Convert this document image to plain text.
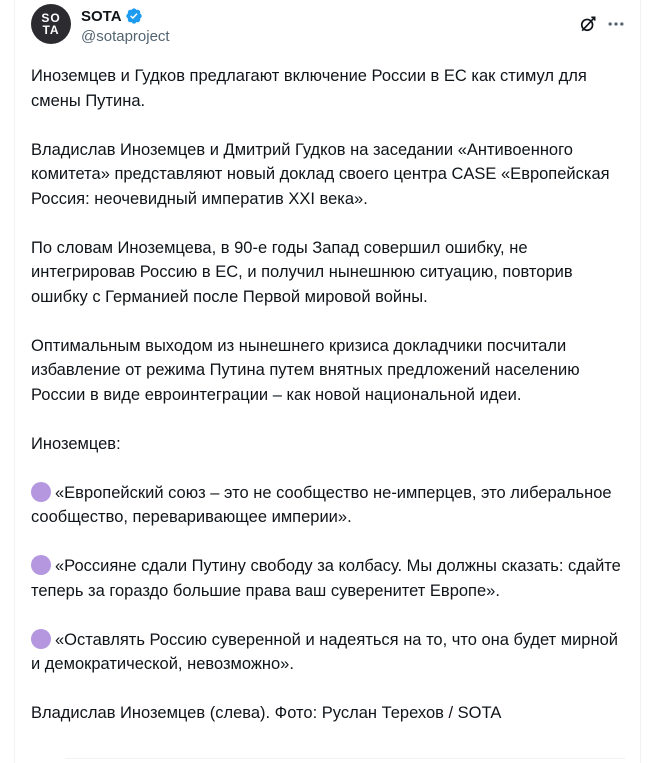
SO
TA
SOTA
@sotaproject

Иноземцев и Гудков предлагают включение России в ЕС как стимул для смены Путина.

Владислав Иноземцев и Дмитрий Гудков на заседании «Антивоенного комитета» представляют новый доклад своего центра CASE «Европейская Россия: неочевидный императив XXI века».

По словам Иноземцева, в 90-е годы Запад совершил ошибку, не интегрировав Россию в ЕС, и получил нынешнюю ситуацию, повторив ошибку с Германией после Первой мировой войны.

Оптимальным выходом из нынешнего кризиса докладчики посчитали избавление от режима Путина путем внятных предложений населению России в виде евроинтеграции – как новой национальной идеи.

Иноземцев:

«Европейский союз – это не сообщество не-имперцев, это либеральное сообщество, переваривающее империи».

«Россияне сдали Путину свободу за колбасу. Мы должны сказать: сдайте теперь за гораздо большие права ваш суверенитет Европе».

«Оставлять Россию суверенной и надеяться на то, что она будет мирной и демократической, невозможно».

Владислав Иноземцев (слева). Фото: Руслан Терехов / SOTA
